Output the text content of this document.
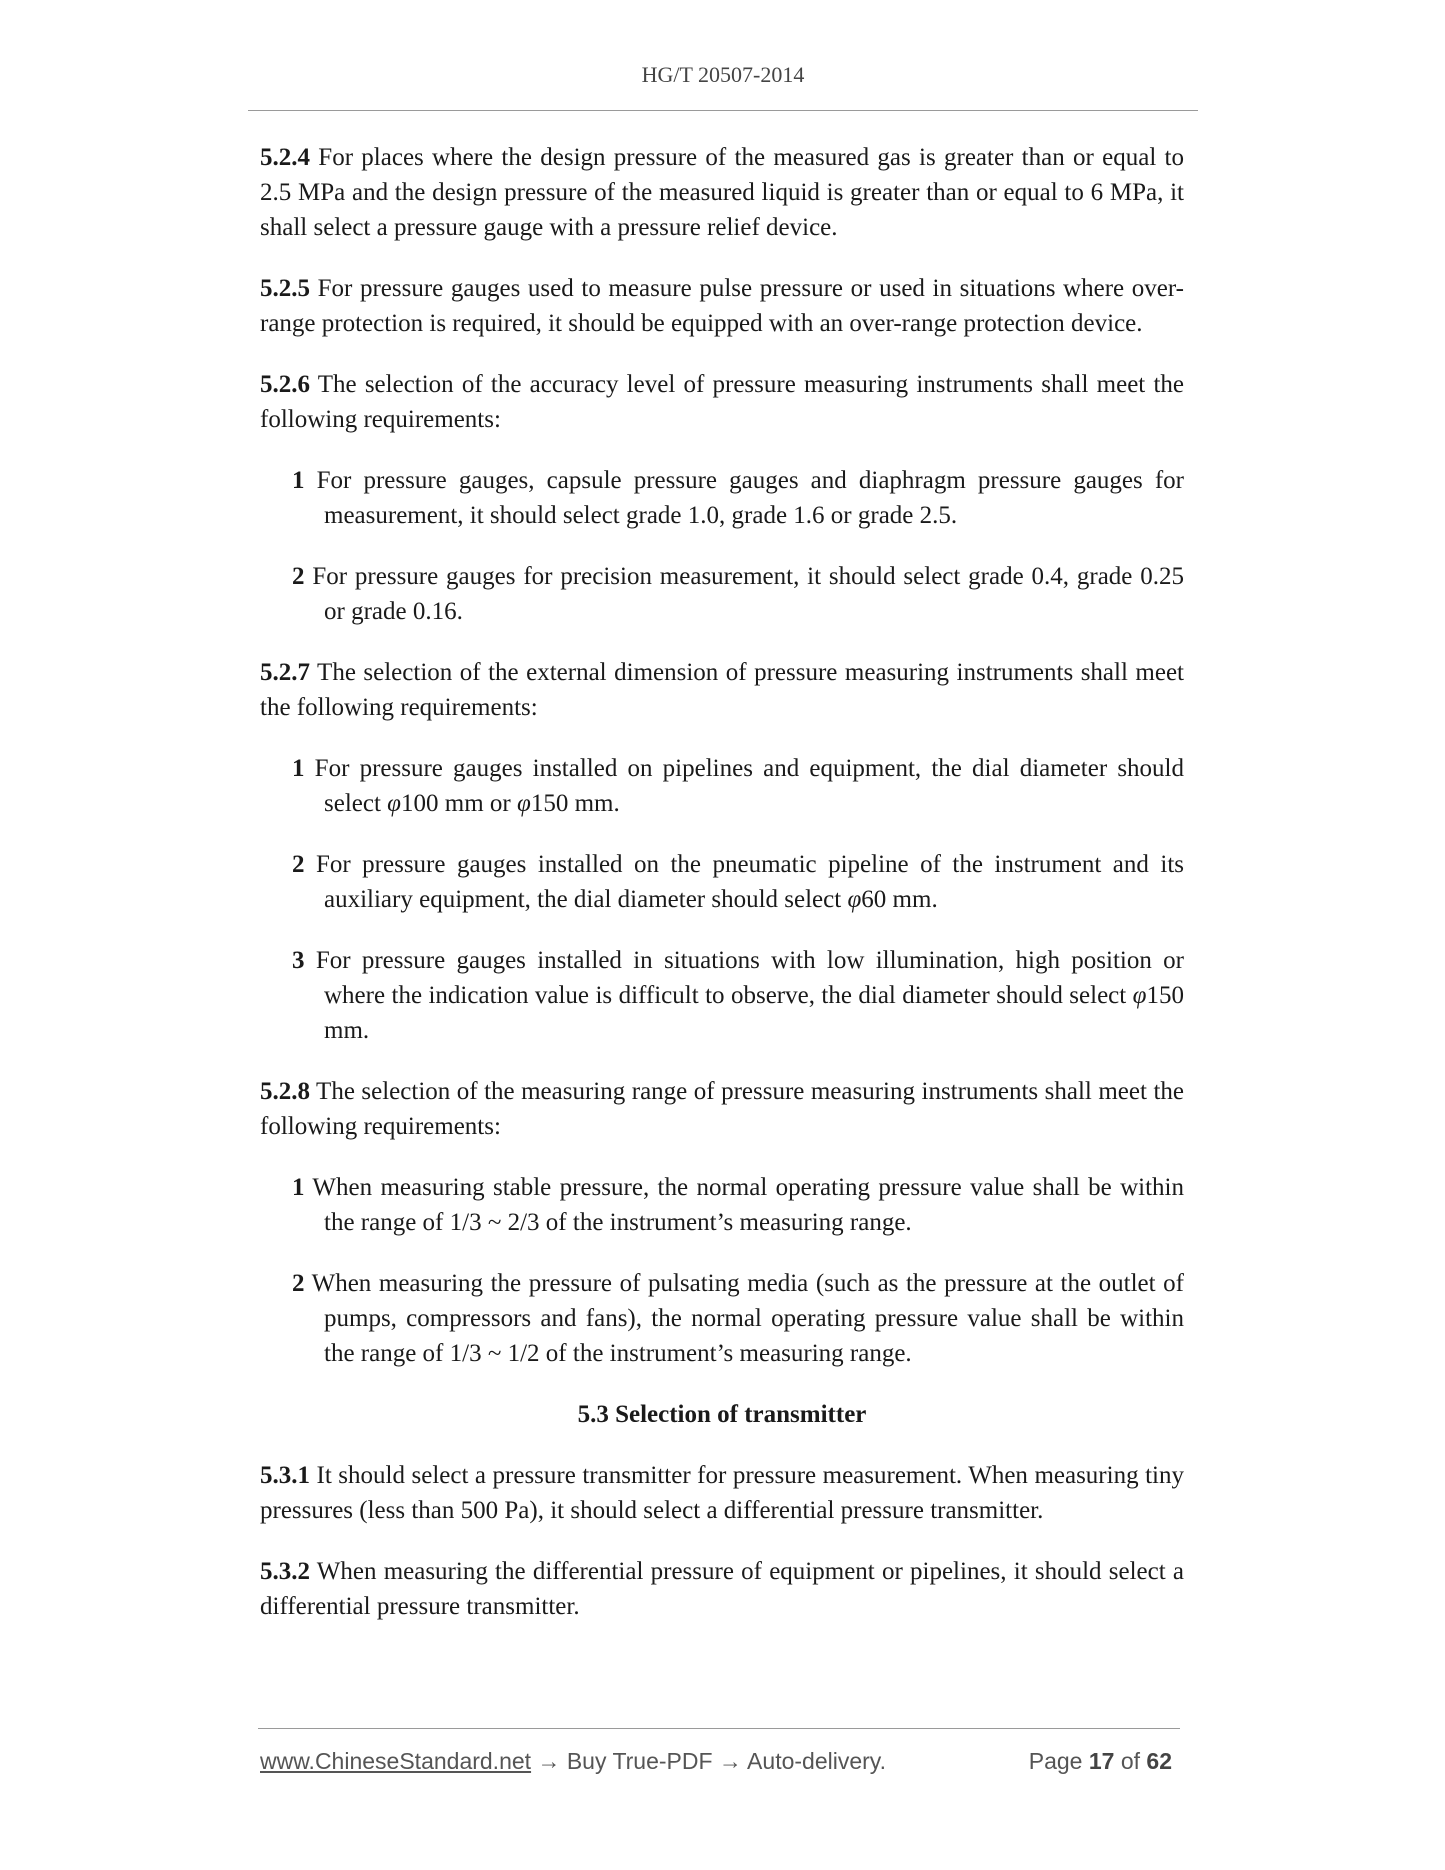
HG/T 20507-2014

5.2.4 For places where the design pressure of the measured gas is greater than or equal to 2.5 MPa and the design pressure of the measured liquid is greater than or equal to 6 MPa, it shall select a pressure gauge with a pressure relief device.

5.2.5 For pressure gauges used to measure pulse pressure or used in situations where over-range protection is required, it should be equipped with an over-range protection device.

5.2.6 The selection of the accuracy level of pressure measuring instruments shall meet the following requirements:

1 For pressure gauges, capsule pressure gauges and diaphragm pressure gauges for measurement, it should select grade 1.0, grade 1.6 or grade 2.5.

2 For pressure gauges for precision measurement, it should select grade 0.4, grade 0.25 or grade 0.16.

5.2.7 The selection of the external dimension of pressure measuring instruments shall meet the following requirements:

1 For pressure gauges installed on pipelines and equipment, the dial diameter should select φ100 mm or φ150 mm.

2 For pressure gauges installed on the pneumatic pipeline of the instrument and its auxiliary equipment, the dial diameter should select φ60 mm.

3 For pressure gauges installed in situations with low illumination, high position or where the indication value is difficult to observe, the dial diameter should select φ150 mm.

5.2.8 The selection of the measuring range of pressure measuring instruments shall meet the following requirements:

1 When measuring stable pressure, the normal operating pressure value shall be within the range of 1/3 ~ 2/3 of the instrument’s measuring range.

2 When measuring the pressure of pulsating media (such as the pressure at the outlet of pumps, compressors and fans), the normal operating pressure value shall be within the range of 1/3 ~ 1/2 of the instrument’s measuring range.

5.3 Selection of transmitter

5.3.1 It should select a pressure transmitter for pressure measurement. When measuring tiny pressures (less than 500 Pa), it should select a differential pressure transmitter.

5.3.2 When measuring the differential pressure of equipment or pipelines, it should select a differential pressure transmitter.

www.ChineseStandard.net → Buy True-PDF → Auto-delivery.	Page 17 of 62
